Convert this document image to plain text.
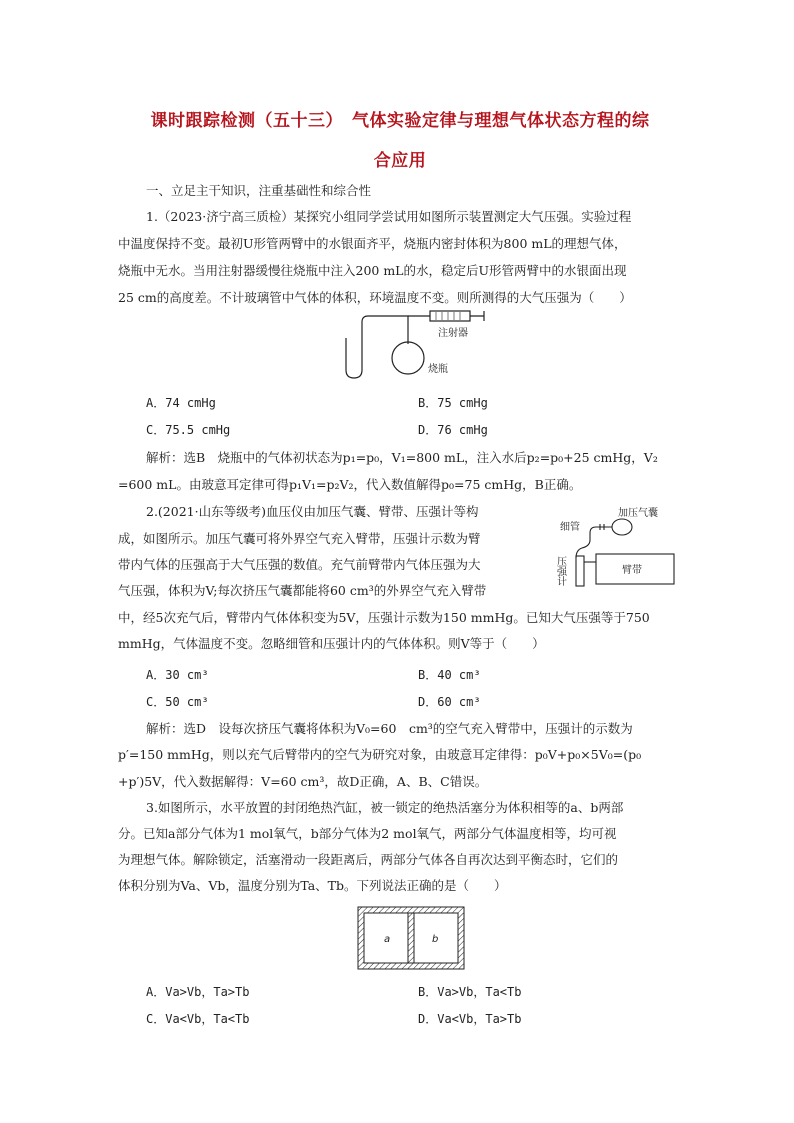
课时跟踪检测（五十三）　气体实验定律与理想气体状态方程的综
合应用
一、立足主干知识，注重基础性和综合性
1.（2023·济宁高三质检）某探究小组同学尝试用如图所示装置测定大气压强。实验过程
中温度保持不变。最初U形管两臂中的水银面齐平，烧瓶内密封体积为800 mL的理想气体，
烧瓶中无水。当用注射器缓慢往烧瓶中注入200 mL的水，稳定后U形管两臂中的水银面出现
25 cm的高度差。不计玻璃管中气体的体积，环境温度不变。则所测得的大气压强为（　　）
注射器
烧瓶
A．74 cmHg	B．75 cmHg
C．75.5 cmHg	D．76 cmHg
解析：选B　烧瓶中的气体初状态为p₁=p₀，V₁=800 mL，注入水后p₂=p₀+25 cmHg，V₂
=600 mL。由玻意耳定律可得p₁V₁=p₂V₂，代入数值解得p₀=75 cmHg，B正确。
2.(2021·山东等级考)血压仪由加压气囊、臂带、压强计等构
成，如图所示。加压气囊可将外界空气充入臂带，压强计示数为臂
带内气体的压强高于大气压强的数值。充气前臂带内气体压强为大
气压强，体积为V;每次挤压气囊都能将60 cm³的外界空气充入臂带
加压气囊
细管
压强计	臂带
中，经5次充气后，臂带内气体体积变为5V，压强计示数为150 mmHg。已知大气压强等于750
mmHg，气体温度不变。忽略细管和压强计内的气体体积。则V等于（　　）
A．30 cm³	B．40 cm³
C．50 cm³	D．60 cm³
解析：选D　设每次挤压气囊将体积为V₀=60　cm³的空气充入臂带中，压强计的示数为
p′=150 mmHg，则以充气后臂带内的空气为研究对象，由玻意耳定律得：p₀V+p₀×5V₀=(p₀
+p′)5V，代入数据解得：V=60 cm³，故D正确，A、B、C错误。
3.如图所示，水平放置的封闭绝热汽缸，被一锁定的绝热活塞分为体积相等的a、b两部
分。已知a部分气体为1 mol氧气，b部分气体为2 mol氧气，两部分气体温度相等，均可视
为理想气体。解除锁定，活塞滑动一段距离后，两部分气体各自再次达到平衡态时，它们的
体积分别为Va、Vb，温度分别为Ta、Tb。下列说法正确的是（　　）
a	b
A．Va>Vb，Ta>Tb	B．Va>Vb，Ta<Tb
C．Va<Vb，Ta<Tb	D．Va<Vb，Ta>Tb
